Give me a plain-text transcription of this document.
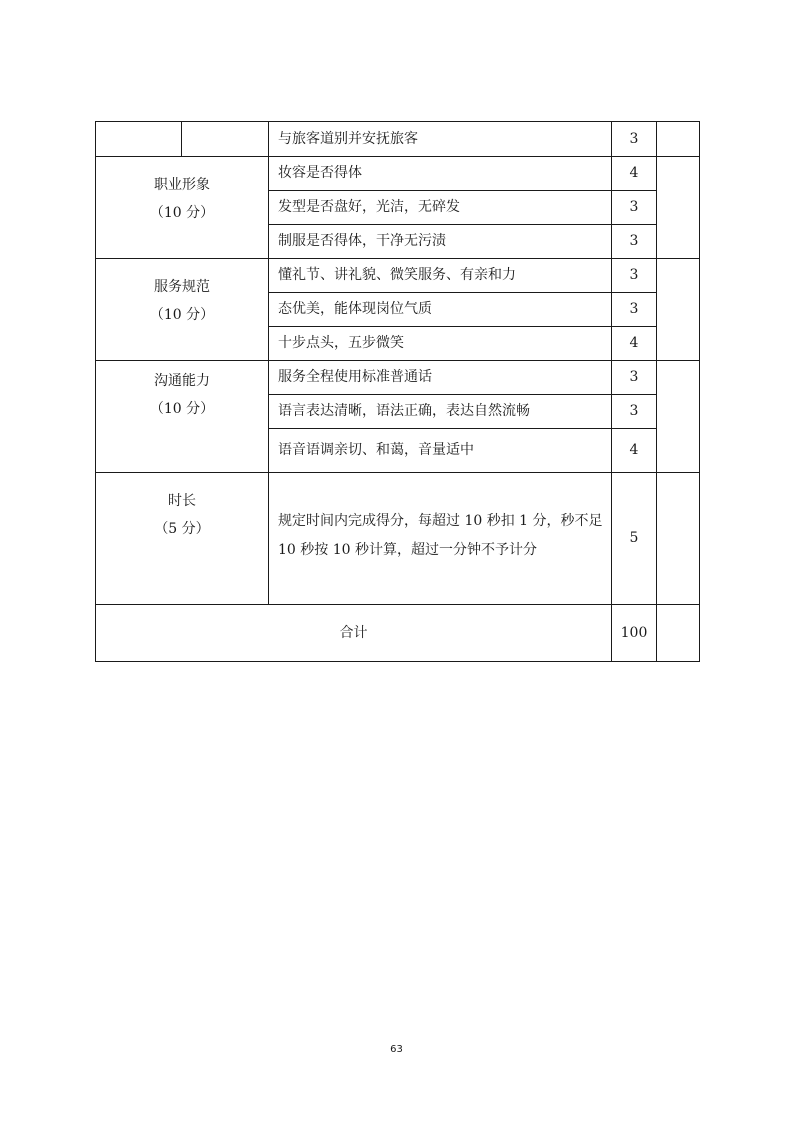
		与旅客道别并安抚旅客	3	

职业形象
（10 分）		妆容是否得体	4	
		发型是否盘好，光洁，无碎发	3	
		制服是否得体，干净无污渍	3	

服务规范
（10 分）		懂礼节、讲礼貌、微笑服务、有亲和力	3	
		态优美，能体现岗位气质	3	
		十步点头，五步微笑	4	

沟通能力
（10 分）		服务全程使用标准普通话	3	
		语言表达清晰，语法正确，表达自然流畅	3	
		语音语调亲切、和蔼，音量适中	4	

时长
（5 分）		规定时间内完成得分，每超过 10 秒扣 1 分，秒不足 10 秒按 10 秒计算，超过一分钟不予计分	5	
合计			100	
63
